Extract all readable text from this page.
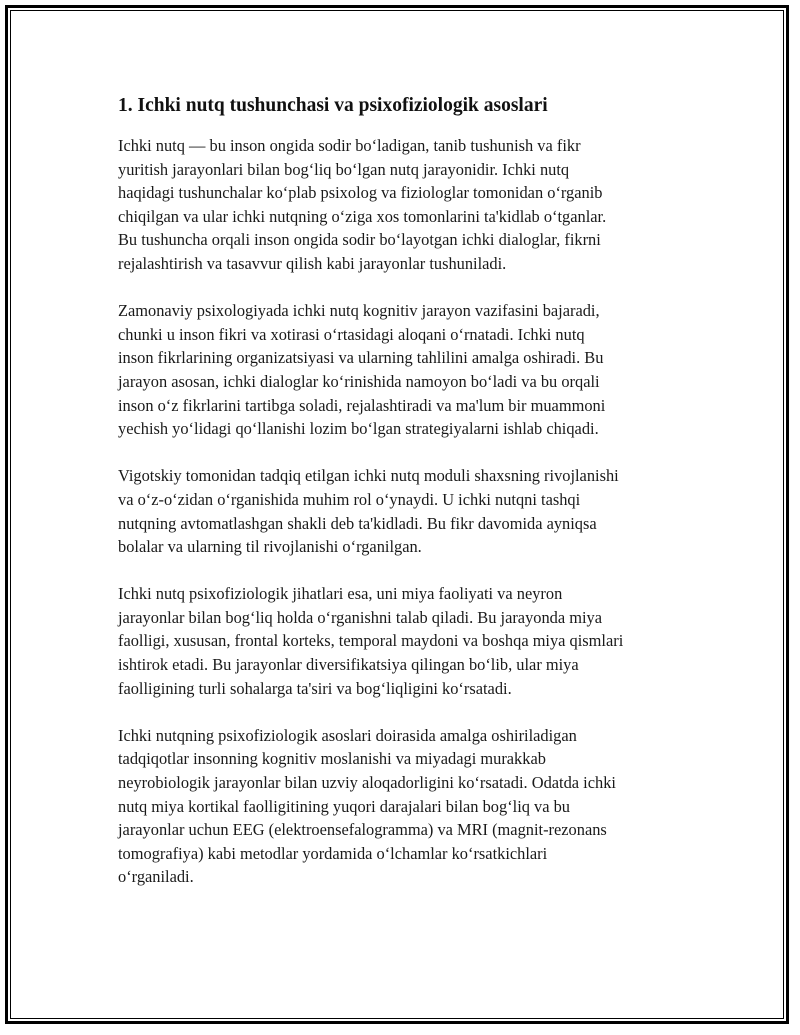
1. Ichki nutq tushunchasi va psixofiziologik asoslari

Ichki nutq — bu inson ongida sodir bo‘ladigan, tanib tushunish va fikr
yuritish jarayonlari bilan bog‘liq bo‘lgan nutq jarayonidir. Ichki nutq
haqidagi tushunchalar ko‘plab psixolog va fiziologlar tomonidan o‘rganib
chiqilgan va ular ichki nutqning o‘ziga xos tomonlarini ta'kidlab o‘tganlar.
Bu tushuncha orqali inson ongida sodir bo‘layotgan ichki dialoglar, fikrni
rejalashtirish va tasavvur qilish kabi jarayonlar tushuniladi.

Zamonaviy psixologiyada ichki nutq kognitiv jarayon vazifasini bajaradi,
chunki u inson fikri va xotirasi o‘rtasidagi aloqani o‘rnatadi. Ichki nutq
inson fikrlarining organizatsiyasi va ularning tahlilini amalga oshiradi. Bu
jarayon asosan, ichki dialoglar ko‘rinishida namoyon bo‘ladi va bu orqali
inson o‘z fikrlarini tartibga soladi, rejalashtiradi va ma'lum bir muammoni
yechish yo‘lidagi qo‘llanishi lozim bo‘lgan strategiyalarni ishlab chiqadi.

Vigotskiy tomonidan tadqiq etilgan ichki nutq moduli shaxsning rivojlanishi
va o‘z-o‘zidan o‘rganishida muhim rol o‘ynaydi. U ichki nutqni tashqi
nutqning avtomatlashgan shakli deb ta'kidladi. Bu fikr davomida ayniqsa
bolalar va ularning til rivojlanishi o‘rganilgan.

Ichki nutq psixofiziologik jihatlari esa, uni miya faoliyati va neyron
jarayonlar bilan bog‘liq holda o‘rganishni talab qiladi. Bu jarayonda miya
faolligi, xususan, frontal korteks, temporal maydoni va boshqa miya qismlari
ishtirok etadi. Bu jarayonlar diversifikatsiya qilingan bo‘lib, ular miya
faolligining turli sohalarga ta'siri va bog‘liqligini ko‘rsatadi.

Ichki nutqning psixofiziologik asoslari doirasida amalga oshiriladigan
tadqiqotlar insonning kognitiv moslanishi va miyadagi murakkab
neyrobiologik jarayonlar bilan uzviy aloqadorligini ko‘rsatadi. Odatda ichki
nutq miya kortikal faolligitining yuqori darajalari bilan bog‘liq va bu
jarayonlar uchun EEG (elektroensefalogramma) va MRI (magnit-rezonans
tomografiya) kabi metodlar yordamida o‘lchamlar ko‘rsatkichlari
o‘rganiladi.
